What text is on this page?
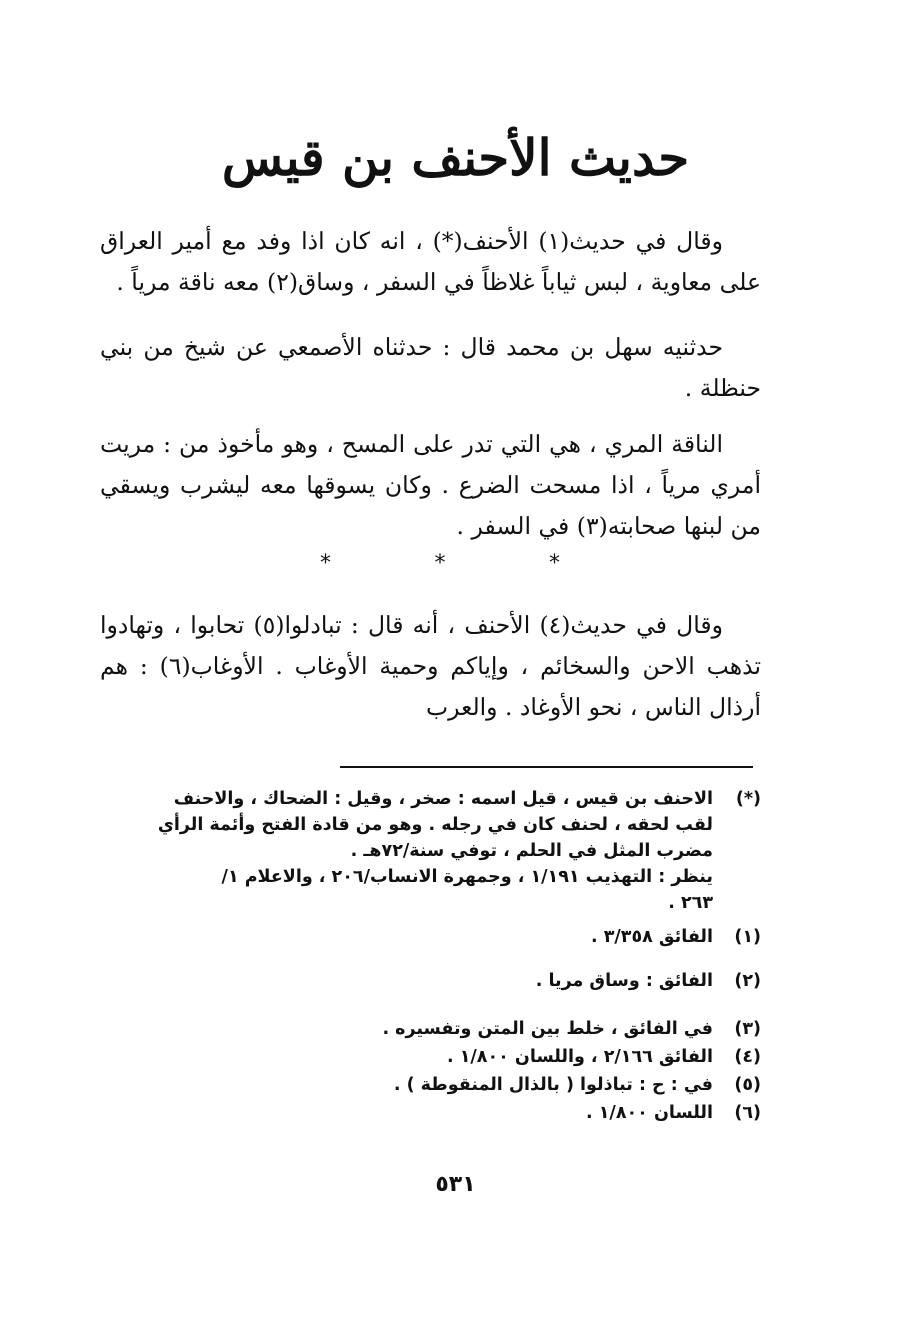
حديث الأحنف بن قيس

وقال في حديث(١) الأحنف(*) ، انه كان اذا وفد مع أمير العراق على معاوية ، لبس ثياباً غلاظاً في السفر ، وساق(٢) معه ناقة مرياً .

حدثنيه سهل بن محمد قال : حدثناه الأصمعي عن شيخ من بني حنظلة .

الناقة المري ، هي التي تدر على المسح ، وهو مأخوذ من : مريت أمري مرياً ، اذا مسحت الضرع . وكان يسوقها معه ليشرب ويسقي من لبنها صحابته(٣) في السفر .

*	*	*

وقال في حديث(٤) الأحنف ، أنه قال : تبادلوا(٥) تحابوا ، وتهادوا تذهب الاحن والسخائم ، وإياكم وحمية الأوغاب . الأوغاب(٦) : هم أرذال الناس ، نحو الأوغاد . والعرب

(*)
الاحنف بن قيس ، قيل اسمه : صخر ، وقيل : الضحاك ، والاحنف
لقب لحقه ، لحنف كان في رجله . وهو من قادة الفتح وأئمة الرأي
مضرب المثل في الحلم ، توفي سنة/٧٢هـ .
ينظر : التهذيب ١/١٩١ ، وجمهرة الانساب/٢٠٦ ، والاعلام ١/
٢٦٣ .
(١)
الفائق ٣/٣٥٨ .
(٢)
الفائق : وساق مريا .
(٣)
في الفائق ، خلط بين المتن وتفسيره .
(٤)
الفائق ٢/١٦٦ ، واللسان ١/٨٠٠ .
(٥)
في : ح : تباذلوا ( بالذال المنقوطة ) .
(٦)
اللسان ١/٨٠٠ .
٥٣١
